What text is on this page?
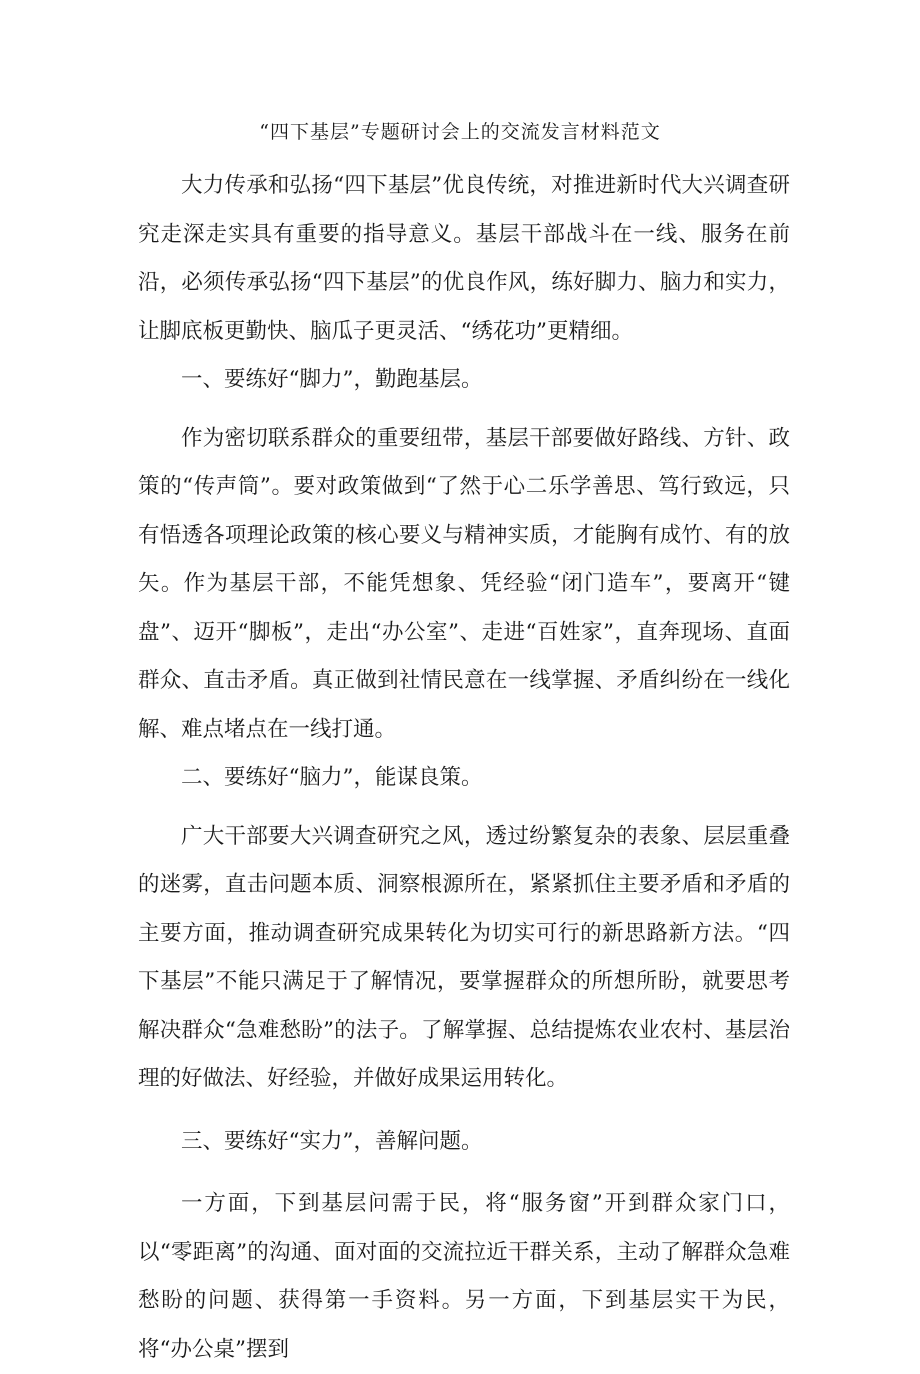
“四下基层”专题研讨会上的交流发言材料范文

大力传承和弘扬“四下基层”优良传统，对推进新时代大兴调查研究走深走实具有重要的指导意义。基层干部战斗在一线、服务在前沿，必须传承弘扬“四下基层”的优良作风，练好脚力、脑力和实力，让脚底板更勤快、脑瓜子更灵活、“绣花功”更精细。

一、要练好“脚力”，勤跑基层。

作为密切联系群众的重要纽带，基层干部要做好路线、方针、政策的“传声筒”。要对政策做到“了然于心二乐学善思、笃行致远，只有悟透各项理论政策的核心要义与精神实质，才能胸有成竹、有的放矢。作为基层干部，不能凭想象、凭经验“闭门造车”，要离开“键盘”、迈开“脚板”，走出“办公室”、走进“百姓家”，直奔现场、直面群众、直击矛盾。真正做到社情民意在一线掌握、矛盾纠纷在一线化解、难点堵点在一线打通。

二、要练好“脑力”，能谋良策。

广大干部要大兴调查研究之风，透过纷繁复杂的表象、层层重叠的迷雾，直击问题本质、洞察根源所在，紧紧抓住主要矛盾和矛盾的主要方面，推动调查研究成果转化为切实可行的新思路新方法。“四下基层”不能只满足于了解情况，要掌握群众的所想所盼，就要思考解决群众“急难愁盼”的法子。了解掌握、总结提炼农业农村、基层治理的好做法、好经验，并做好成果运用转化。

三、要练好“实力”，善解问题。

一方面，下到基层问需于民，将“服务窗”开到群众家门口，以“零距离”的沟通、面对面的交流拉近干群关系，主动了解群众急难愁盼的问题、获得第一手资料。另一方面，下到基层实干为民，将“办公桌”摆到
